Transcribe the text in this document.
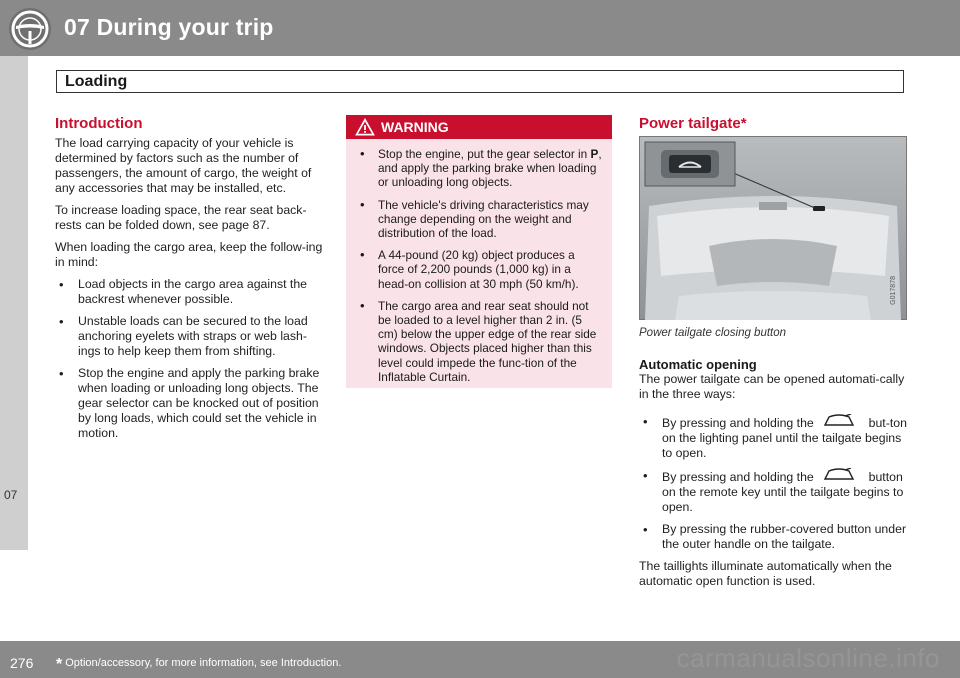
07 During your trip
Loading
07
Introduction

The load carrying capacity of your vehicle is determined by factors such as the number of passengers, the amount of cargo, the weight of any accessories that may be installed, etc.

To increase loading space, the rear seat back-rests can be folded down, see page 87.

When loading the cargo area, keep the follow-ing in mind:

• Load objects in the cargo area against the backrest whenever possible.
• Unstable loads can be secured to the load anchoring eyelets with straps or web lash-ings to help keep them from shifting.
• Stop the engine and apply the parking brake when loading or unloading long objects. The gear selector can be knocked out of position by long loads, which could set the vehicle in motion.
WARNING
• Stop the engine, put the gear selector in P, and apply the parking brake when loading or unloading long objects.
• The vehicle's driving characteristics may change depending on the weight and distribution of the load.
• A 44-pound (20 kg) object produces a force of 2,200 pounds (1,000 kg) in a head-on collision at 30 mph (50 km/h).
• The cargo area and rear seat should not be loaded to a level higher than 2 in. (5 cm) below the upper edge of the rear side windows. Objects placed higher than this level could impede the func-tion of the Inflatable Curtain.
Power tailgate*
G017878
Power tailgate closing button
Automatic opening

The power tailgate can be opened automati-cally in the three ways:

• By pressing and holding the	but-ton on the lighting panel until the tailgate begins to open.
• By pressing and holding the	button on the remote key until the tailgate begins to open.
• By pressing the rubber-covered button under the outer handle on the tailgate.

The taillights illuminate automatically when the automatic open function is used.

276 * Option/accessory, for more information, see Introduction.	carmanualsonline.info
